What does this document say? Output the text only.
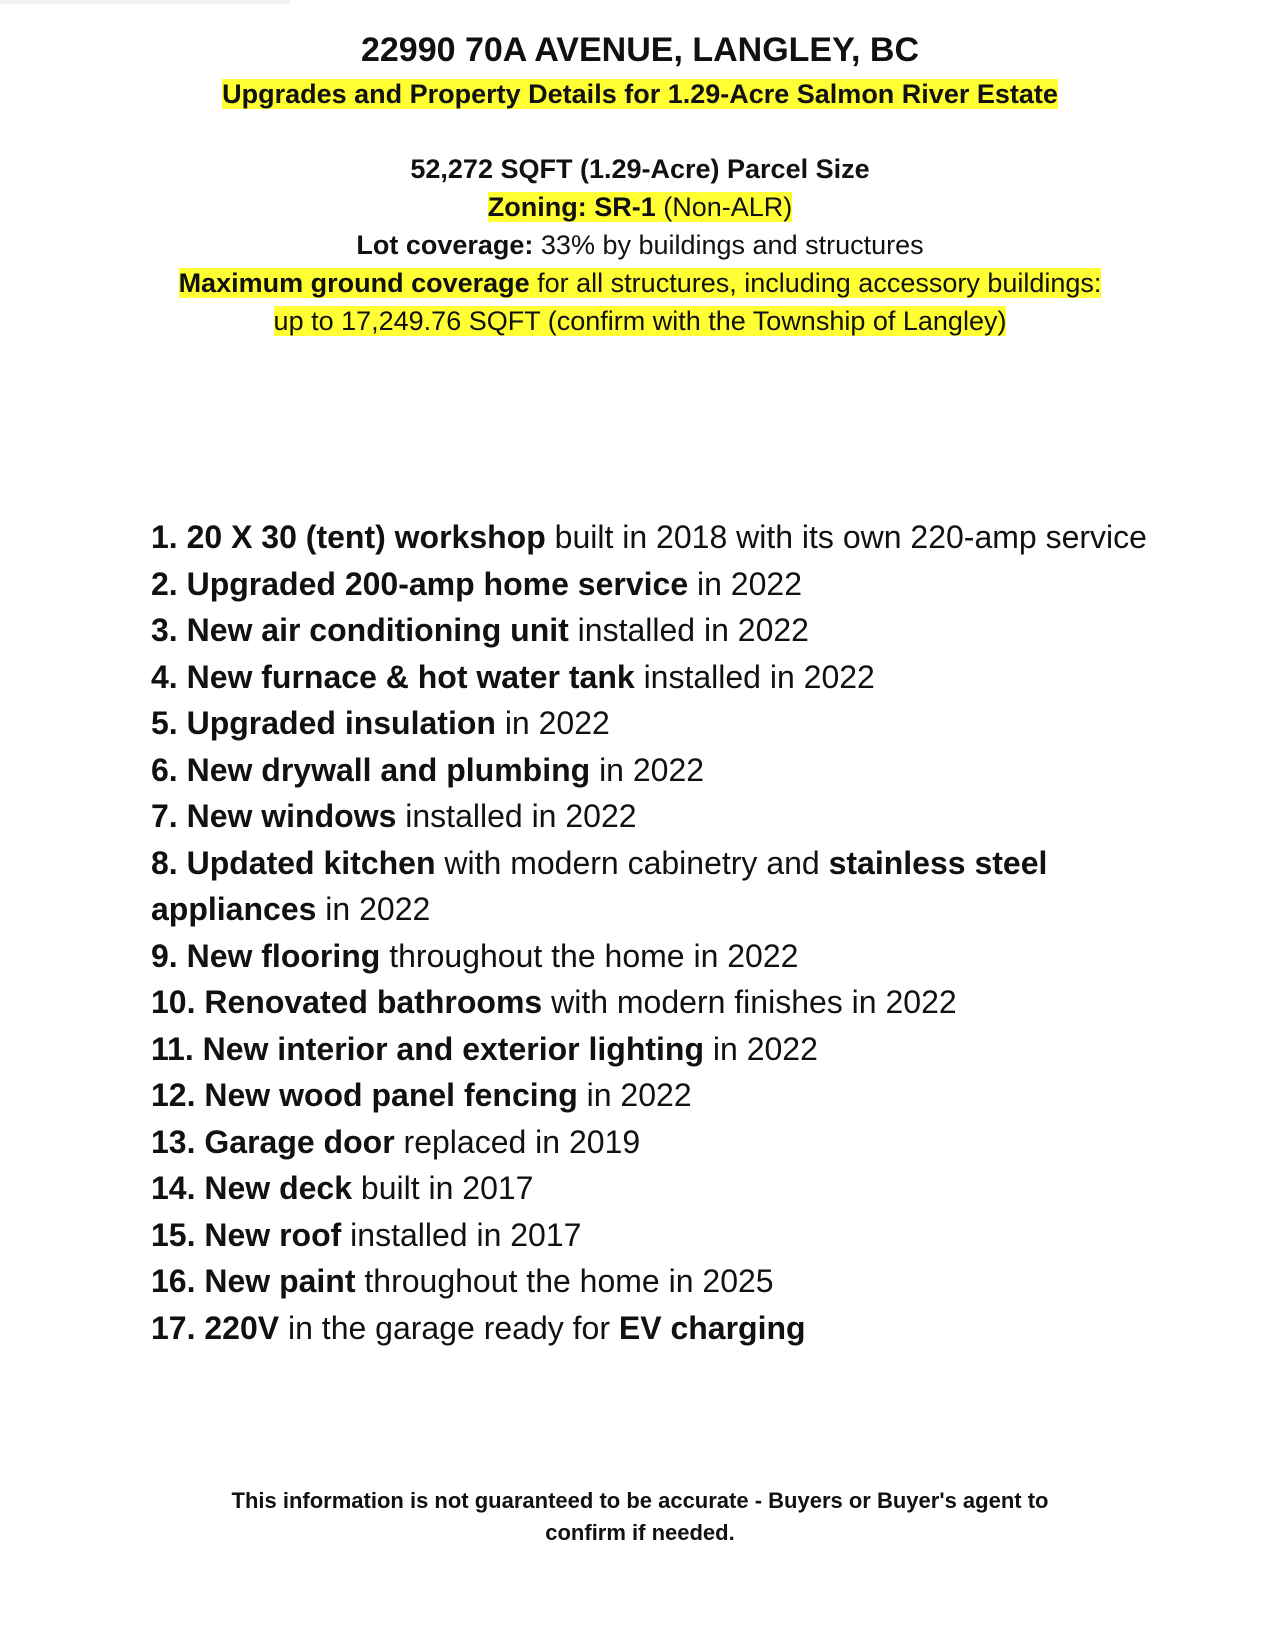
22990 70A AVENUE, LANGLEY, BC
Upgrades and Property Details for 1.29-Acre Salmon River Estate
52,272 SQFT (1.29-Acre) Parcel Size
Zoning: SR-1 (Non-ALR)
Lot coverage: 33% by buildings and structures
Maximum ground coverage for all structures, including accessory buildings:
up to 17,249.76 SQFT (confirm with the Township of Langley)
1. 20 X 30 (tent) workshop built in 2018 with its own 220-amp service
2. Upgraded 200-amp home service in 2022
3. New air conditioning unit installed in 2022
4. New furnace & hot water tank installed in 2022
5. Upgraded insulation in 2022
6. New drywall and plumbing in 2022
7. New windows installed in 2022
8. Updated kitchen with modern cabinetry and stainless steel appliances in 2022
9. New flooring throughout the home in 2022
10. Renovated bathrooms with modern finishes in 2022
11. New interior and exterior lighting in 2022
12. New wood panel fencing in 2022
13. Garage door replaced in 2019
14. New deck built in 2017
15. New roof installed in 2017
16. New paint throughout the home in 2025
17. 220V in the garage ready for EV charging
This information is not guaranteed to be accurate - Buyers or Buyer's agent to
confirm if needed.
